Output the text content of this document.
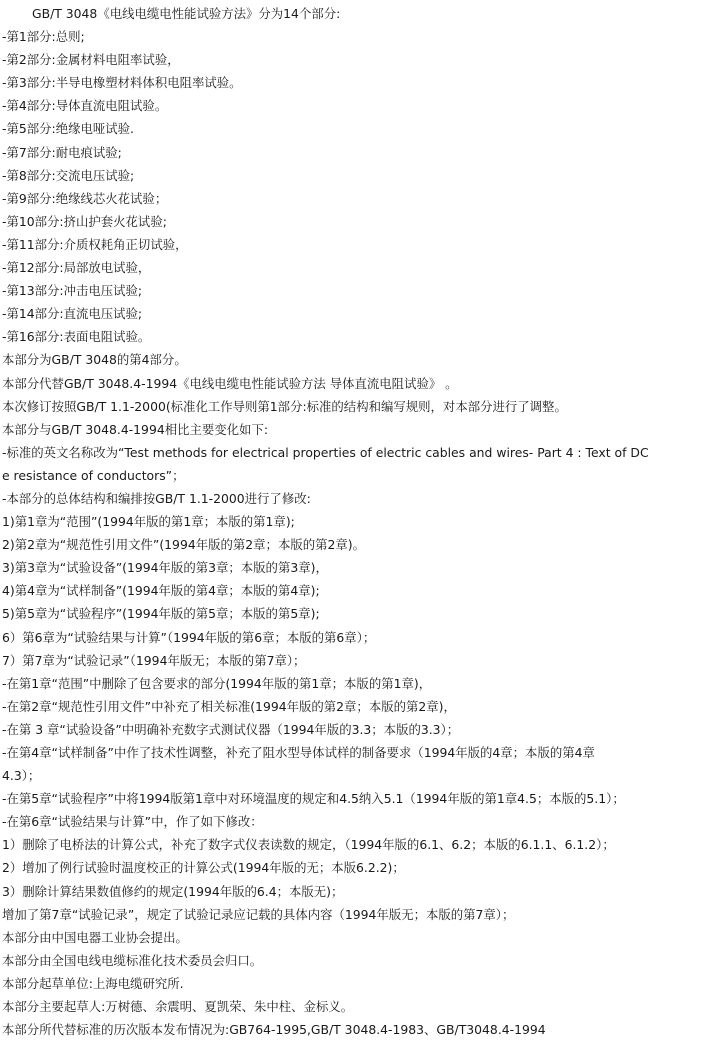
GB/T 3048《电线电缆电性能试验方法》分为14个部分:
-第1部分:总则;
-第2部分:金属材料电阻率试验，
-第3部分:半导电橡塑材料体积电阻率试验。
-第4部分:导体直流电阻试验。
-第5部分:绝缘电哑试验.
-第7部分:耐电痕试验;
-第8部分:交流电压试验;
-第9部分:绝缘线芯火花试验；
-第10部分:挤山护套火花试验;
-第11部分:介质权耗角正切试验，
-第12部分:局部放电试验，
-第13部分:冲击电压试验;
-第14部分:直流电压试验;
-第16部分:表面电阻试验。
本部分为GB/T 3048的第4部分。
本部分代替GB/T 3048.4-1994《电线电缆电性能试验方法 导体直流电阻试验》 。
本次修订按照GB/T 1.1-2000(标准化工作导则第1部分:标准的结构和编写规则，对本部分进行了调整。
本部分与GB/T 3048.4-1994相比主要变化如下:
-标准的英文名称改为“Test methods for electrical properties of electric cables and wires- Part 4 : Text of DC
e resistance of conductors”；
-本部分的总体结构和编排按GB/T 1.1-2000进行了修改:
1)第1章为“范围”(1994年版的第1章；本版的第1章);
2)第2章为“规范性引用文件”(1994年版的第2章；本版的第2章)。
3)第3章为“试验设备”(1994年版的第3章；本版的第3章)，
4)第4章为“试样制备”(1994年版的第4章；本版的第4章);
5)第5章为“试验程序”(1994年版的第5章；本版的第5章);
6）第6章为“试验结果与计算”（1994年版的第6章；本版的第6章）；
7）第7章为“试验记录”（1994年版无；本版的第7章）；
-在第1章“范围”中删除了包含要求的部分(1994年版的第1章；本版的第1章)，
-在第2章“规范性引用文件”中补充了相关标准(1994年版的第2章；本版的第2章)，
-在第 3 章“试验设备”中明确补充数字式测试仪器（1994年版的3.3；本版的3.3）；
-在第4章“试样制备”中作了技术性调整，补充了阻水型导体试样的制备要求（1994年版的4章；本版的第4章
4.3）；
-在第5章“试验程序”中将1994版第1章中对环境温度的规定和4.5纳入5.1（1994年版的第1章4.5；本版的5.1）；
-在第6章“试验结果与计算”中，作了如下修改：
1）删除了电桥法的计算公式，补充了数字式仪表读数的规定，（1994年版的6.1、6.2；本版的6.1.1、6.1.2）；
2）增加了例行试验时温度校正的计算公式(1994年版的无；本版6.2.2)；
3）删除计算结果数值修约的规定(1994年版的6.4；本版无)；
增加了第7章“试验记录”，规定了试验记录应记载的具体内容（1994年版无；本版的第7章）；
本部分由中国电器工业协会提出。
本部分由全国电线电缆标准化技术委员会归口。
本部分起草单位:上海电缆研究所.
本部分主要起草人:万树德、余震明、夏凯荣、朱中柱、金标义。
本部分所代替标准的历次版本发布情况为:GB764-1995,GB/T 3048.4-1983、GB/T3048.4-1994
